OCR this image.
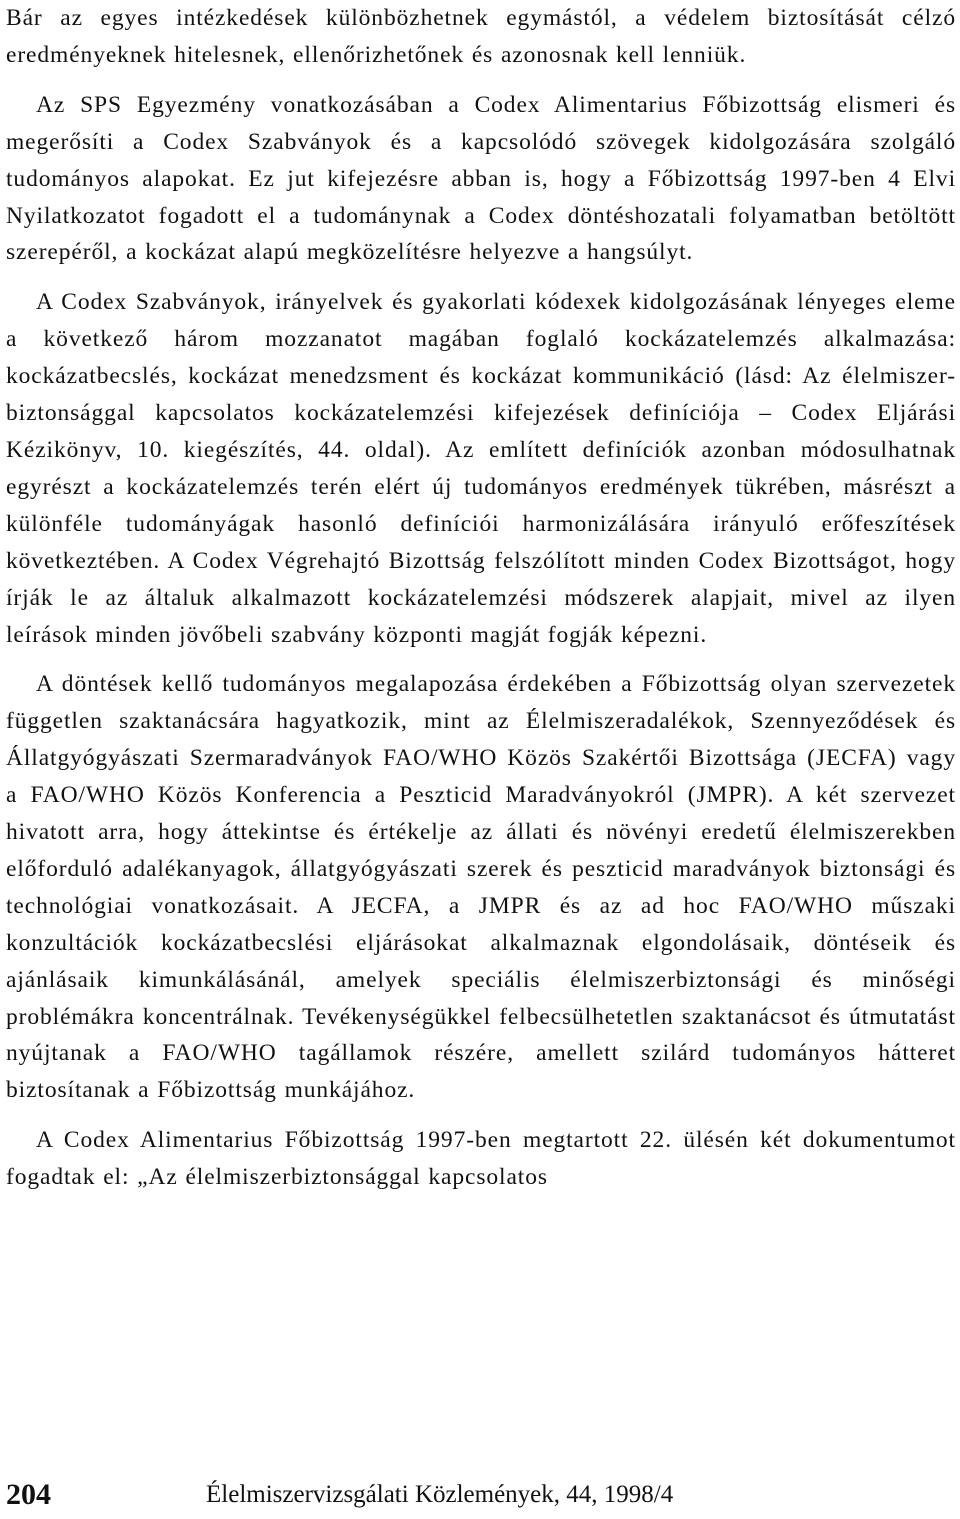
Bár az egyes intézkedések különbözhetnek egymástól, a védelem biztosítását célzó eredményeknek hitelesnek, ellenőrizhetőnek és azonosnak kell lenniük.

Az SPS Egyezmény vonatkozásában a Codex Alimentarius Főbizottság elismeri és megerősíti a Codex Szabványok és a kapcsolódó szövegek kidolgozására szolgáló tudományos alapokat. Ez jut kifejezésre abban is, hogy a Főbizottság 1997-ben 4 Elvi Nyilatkozatot fogadott el a tudománynak a Codex döntéshozatali folyamatban betöltött szerepéről, a kockázat alapú megközelítésre helyezve a hangsúlyt.

A Codex Szabványok, irányelvek és gyakorlati kódexek kidolgozásának lényeges eleme a következő három mozzanatot magában foglaló kockázatelemzés alkalmazása: kockázatbecslés, kockázat menedzsment és kockázat kommunikáció (lásd: Az élelmiszer-biztonsággal kapcsolatos kockázatelemzési kifejezések definíciója – Codex Eljárási Kézikönyv, 10. kiegészítés, 44. oldal). Az említett definíciók azonban módosulhatnak egyrészt a kockázatelemzés terén elért új tudományos eredmények tükrében, másrészt a különféle tudományágak hasonló definíciói harmonizálására irányuló erőfeszítések következtében. A Codex Végrehajtó Bizottság felszólított minden Codex Bizottságot, hogy írják le az általuk alkalmazott kockázatelemzési módszerek alapjait, mivel az ilyen leírások minden jövőbeli szabvány központi magját fogják képezni.

A döntések kellő tudományos megalapozása érdekében a Főbizottság olyan szervezetek független szaktanácsára hagyatkozik, mint az Élelmiszeradalékok, Szennyeződések és Állatgyógyászati Szermaradványok FAO/WHO Közös Szakértői Bizottsága (JECFA) vagy a FAO/WHO Közös Konferencia a Peszticid Maradványokról (JMPR). A két szervezet hivatott arra, hogy áttekintse és értékelje az állati és növényi eredetű élelmiszerekben előforduló adalékanyagok, állatgyógyászati szerek és peszticid maradványok biztonsági és technológiai vonatkozásait. A JECFA, a JMPR és az ad hoc FAO/WHO műszaki konzultációk kockázatbecslési eljárásokat alkalmaznak elgondolásaik, döntéseik és ajánlásaik kimunkálásánál, amelyek speciális élelmiszerbiztonsági és minőségi problémákra koncentrálnak. Tevékenységükkel felbecsülhetetlen szaktanácsot és útmutatást nyújtanak a FAO/WHO tagállamok részére, amellett szilárd tudományos hátteret biztosítanak a Főbizottság munkájához.

A Codex Alimentarius Főbizottság 1997-ben megtartott 22. ülésén két dokumentumot fogadtak el: „Az élelmiszerbiztonsággal kapcsolatos

204	Élelmiszervizsgálati Közlemények, 44, 1998/4
